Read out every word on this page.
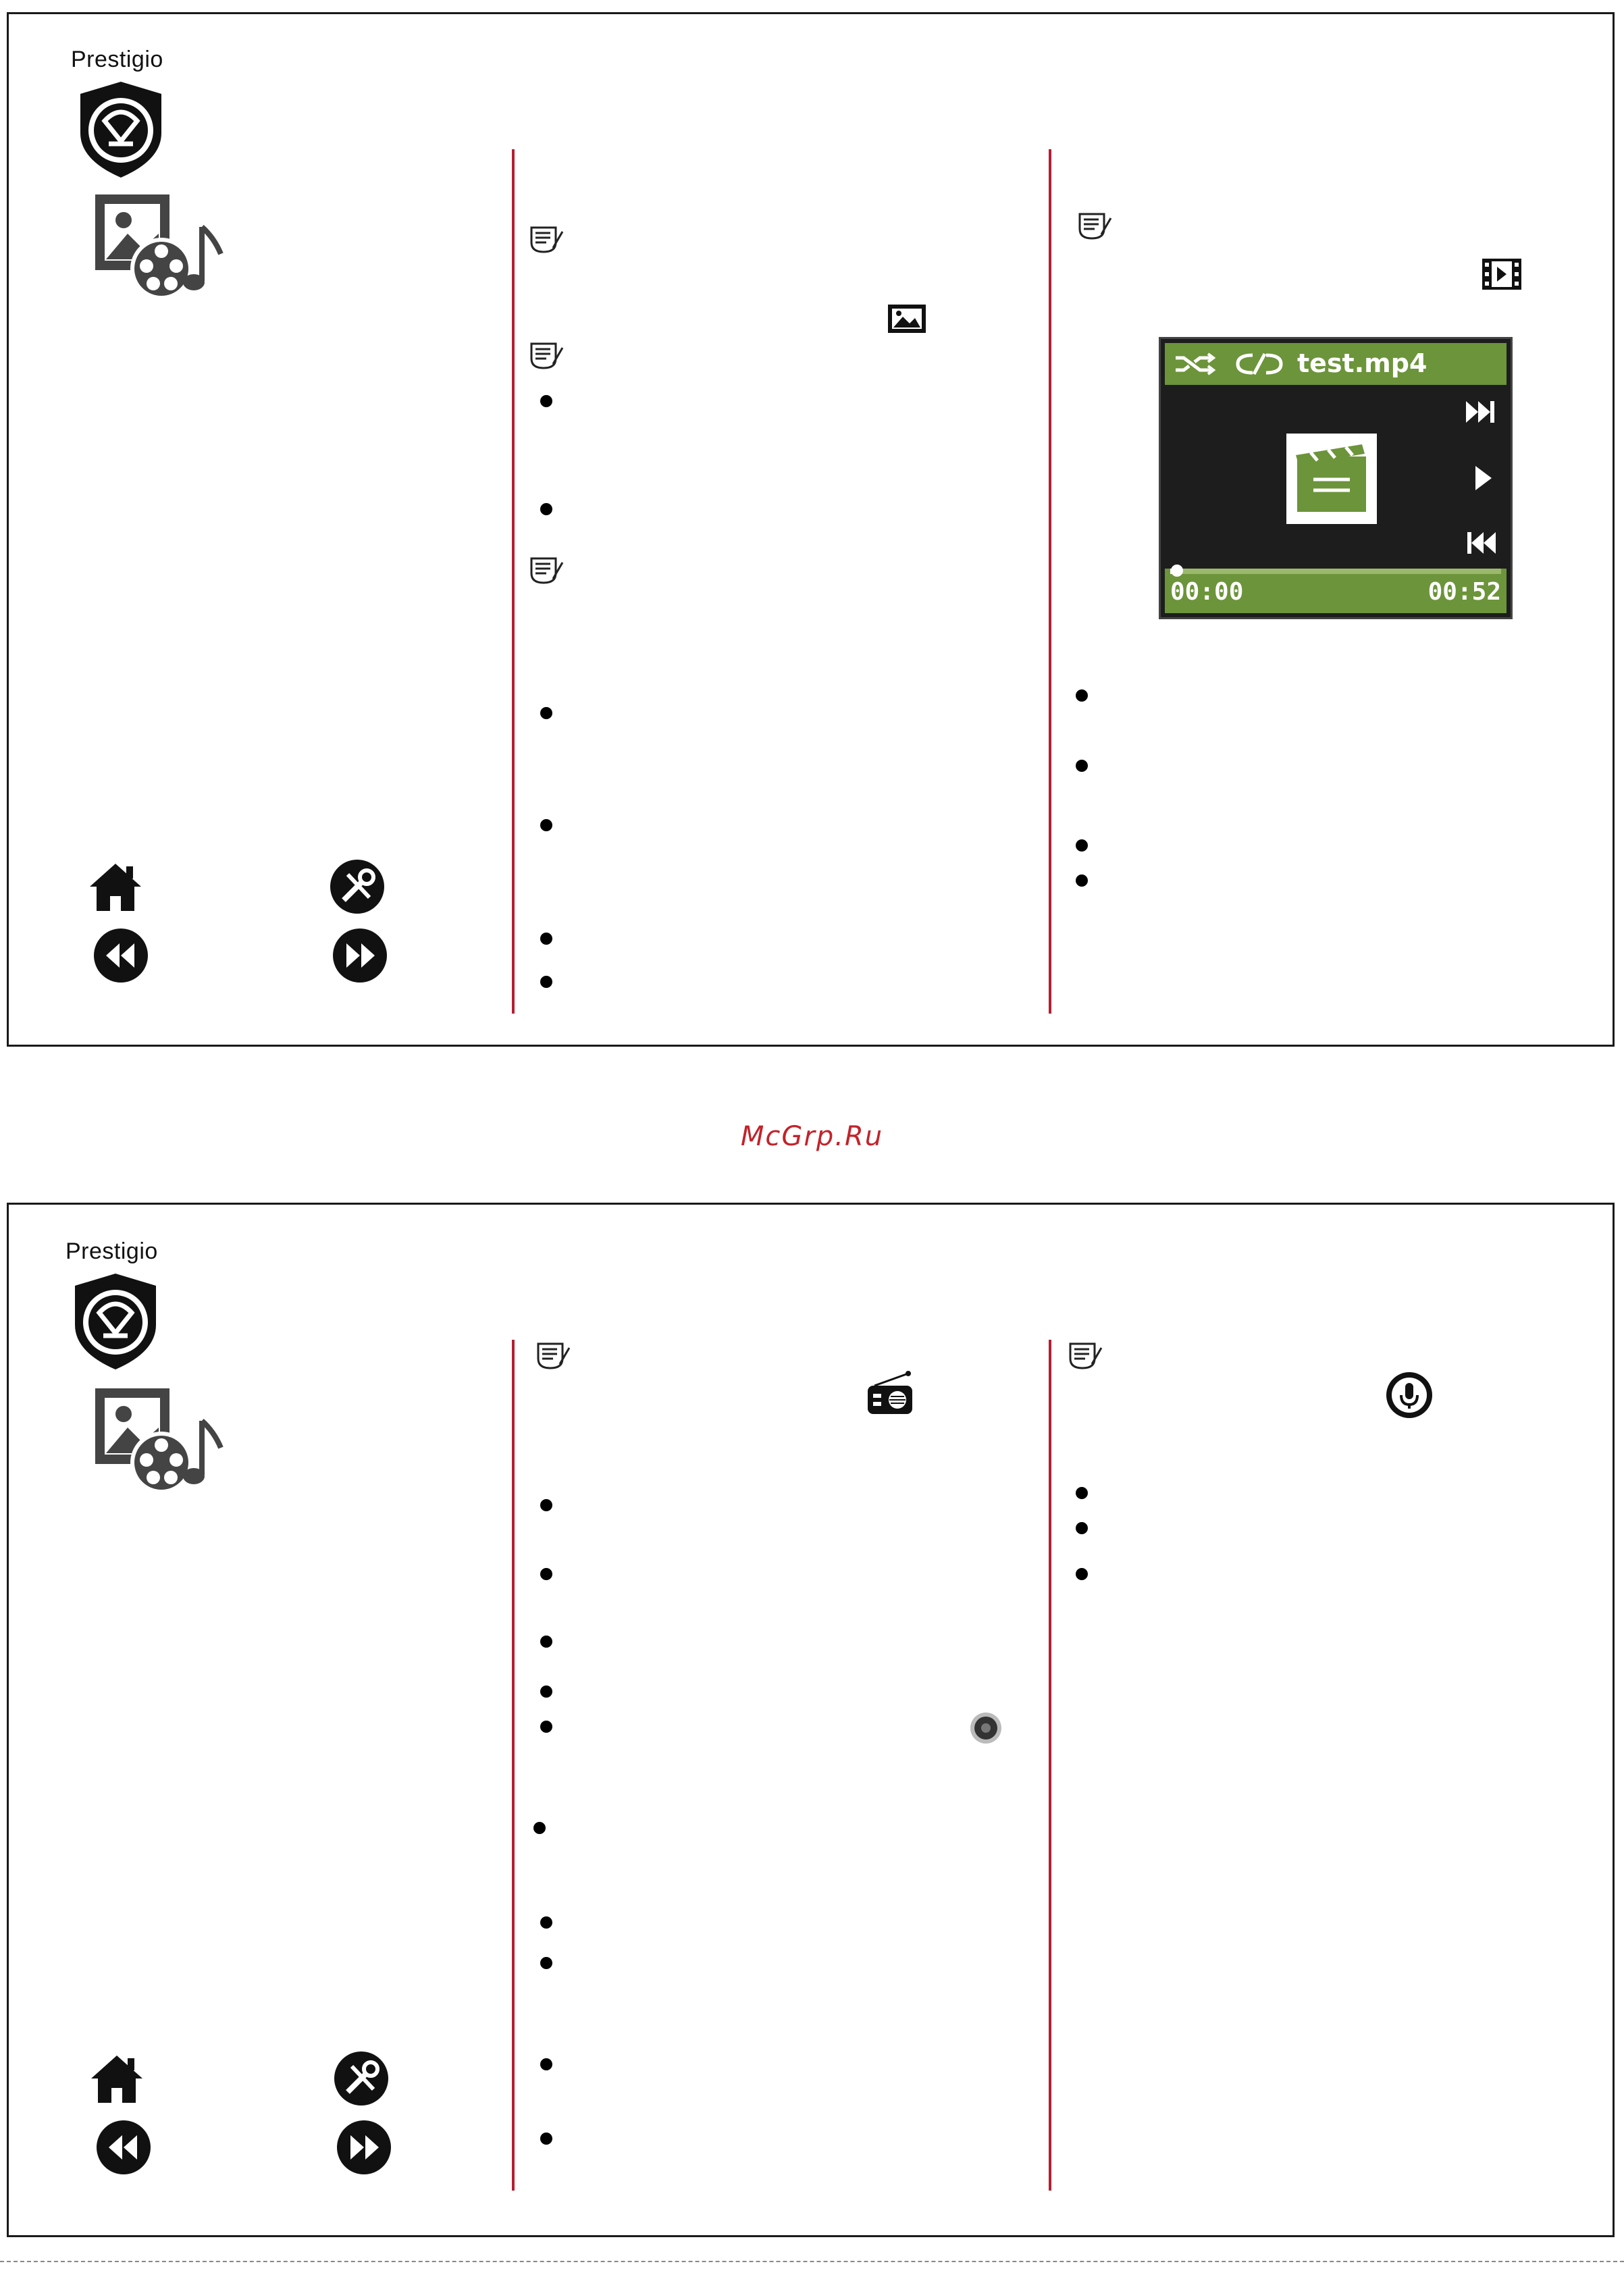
Prestigio
test.mp4
00:00	00:52
McGrp.Ru
Prestigio
